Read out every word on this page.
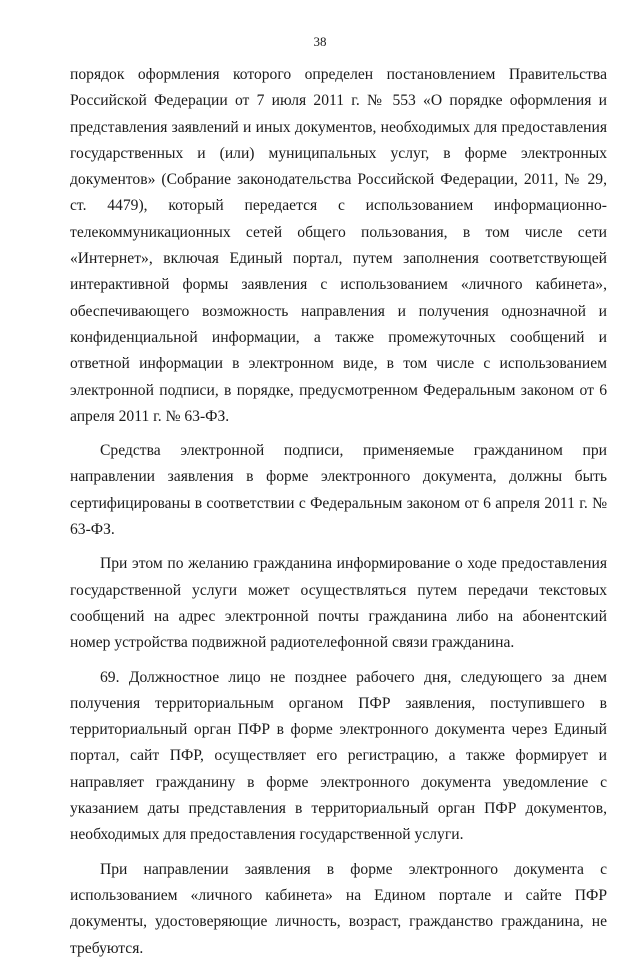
38

порядок оформления которого определен постановлением Правительства Российской Федерации от 7 июля 2011 г. № 553 «О порядке оформления и представления заявлений и иных документов, необходимых для предоставления государственных и (или) муниципальных услуг, в форме электронных документов» (Собрание законодательства Российской Федерации, 2011, № 29, ст. 4479), который передается с использованием информационно-телекоммуникационных сетей общего пользования, в том числе сети «Интернет», включая Единый портал, путем заполнения соответствующей интерактивной формы заявления с использованием «личного кабинета», обеспечивающего возможность направления и получения однозначной и конфиденциальной информации, а также промежуточных сообщений и ответной информации в электронном виде, в том числе с использованием электронной подписи, в порядке, предусмотренном Федеральным законом от 6 апреля 2011 г. № 63-ФЗ.

Средства электронной подписи, применяемые гражданином при направлении заявления в форме электронного документа, должны быть сертифицированы в соответствии с Федеральным законом от 6 апреля 2011 г. № 63-ФЗ.

При этом по желанию гражданина информирование о ходе предоставления государственной услуги может осуществляться путем передачи текстовых сообщений на адрес электронной почты гражданина либо на абонентский номер устройства подвижной радиотелефонной связи гражданина.

69. Должностное лицо не позднее рабочего дня, следующего за днем получения территориальным органом ПФР заявления, поступившего в территориальный орган ПФР в форме электронного документа через Единый портал, сайт ПФР, осуществляет его регистрацию, а также формирует и направляет гражданину в форме электронного документа уведомление с указанием даты представления в территориальный орган ПФР документов, необходимых для предоставления государственной услуги.

При направлении заявления в форме электронного документа с использованием «личного кабинета» на Едином портале и сайте ПФР документы, удостоверяющие личность, возраст, гражданство гражданина, не требуются.
